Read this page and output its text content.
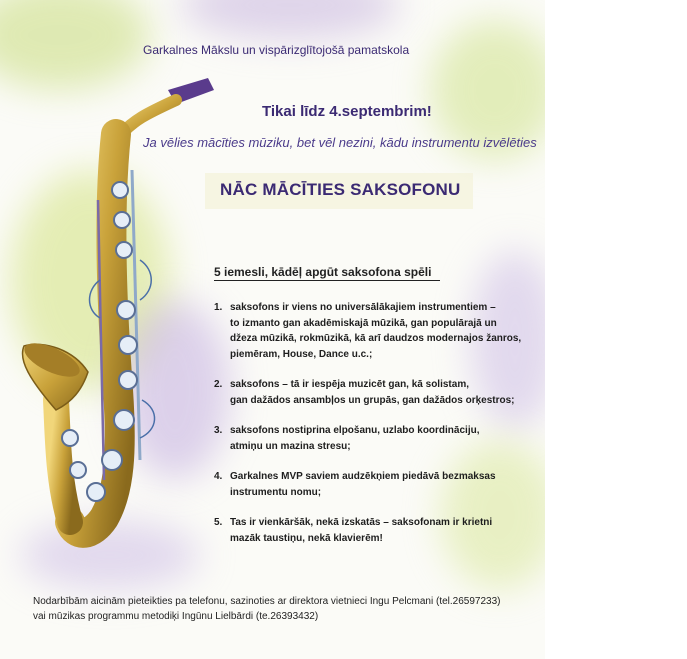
Garkalnes Mākslu un vispārizglītojošā pamatskola
Tikai līdz 4.septembrim!
Ja vēlies mācīties mūziku, bet vēl nezini, kādu instrumentu izvēlēties
NĀC MĀCĪTIES SAKSOFONU
5 iemesli, kādēļ apgūt saksofona spēli
1. saksofons ir viens no universālākajiem instrumentiem –
to izmanto gan akadēmiskajā mūzikā, gan populārajā un
džeza mūzikā, rokmūzikā, kā arī daudzos modernajos žanros,
piemēram, House, Dance u.c.;
2. saksofons – tā ir iespēja muzicēt gan, kā solistam,
gan dažādos ansambļos un grupās, gan dažādos orķestros;
3. saksofons nostiprina elpošanu, uzlabo koordināciju,
atmiņu un mazina stresu;
4. Garkalnes MVP saviem audzēkņiem piedāvā bezmaksas
instrumentu nomu;
5. Tas ir vienkāršāk, nekā izskatās – saksofonam ir krietni
mazāk taustiņu, nekā klavierēm!
Nodarbībām aicinām pieteikties pa telefonu, sazinoties ar direktora vietnieci Ingu Pelcmani (tel.26597233)
vai mūzikas programmu metodiķi Ingūnu Lielbārdi (te.26393432)
